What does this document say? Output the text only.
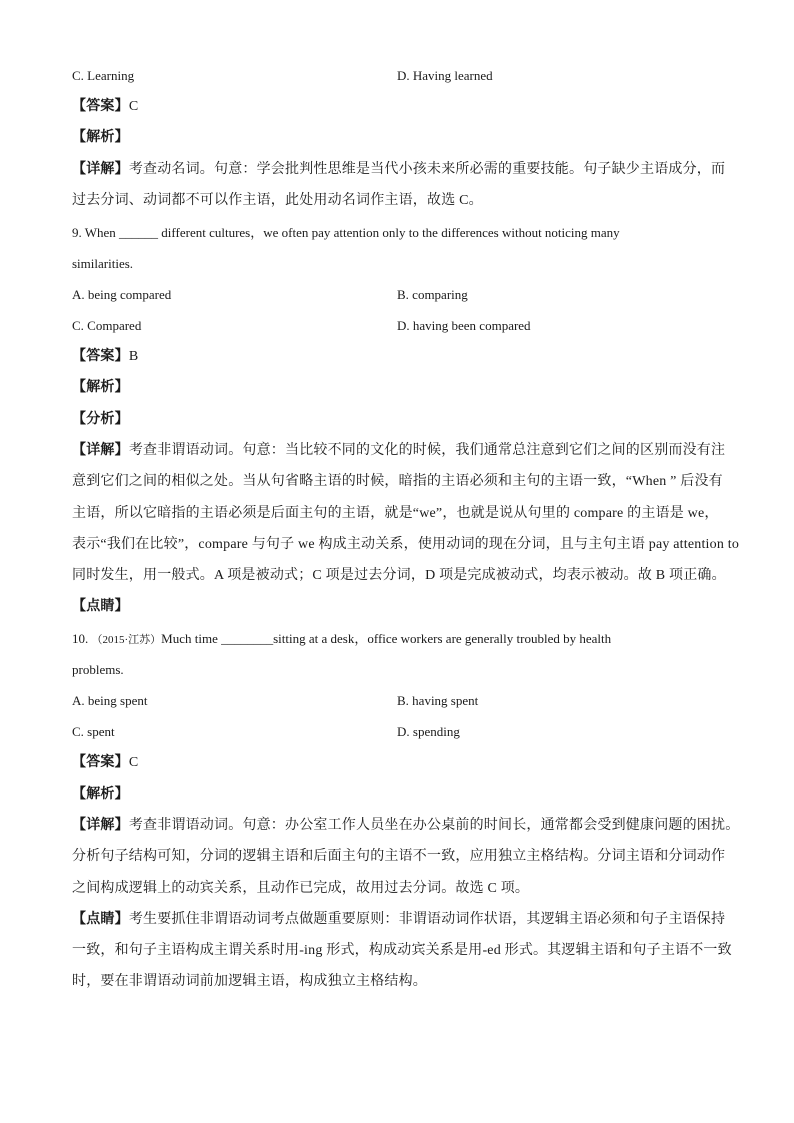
C. Learning	D. Having learned
【答案】C
【解析】
【详解】考查动名词。句意：学会批判性思维是当代小孩未来所必需的重要技能。句子缺少主语成分，而
过去分词、动词都不可以作主语，此处用动名词作主语，故选 C。
9. When ______ different cultures，we often pay attention only to the differences without noticing many
similarities.
A. being compared	B. comparing
C. Compared	D. having been compared
【答案】B
【解析】
【分析】
【详解】考查非谓语动词。句意：当比较不同的文化的时候，我们通常总注意到它们之间的区别而没有注
意到它们之间的相似之处。当从句省略主语的时候，暗指的主语必须和主句的主语一致，“When ” 后没有
主语，所以它暗指的主语必须是后面主句的主语，就是“we”，也就是说从句里的 compare 的主语是 we，
表示“我们在比较”，compare 与句子 we 构成主动关系，使用动词的现在分词，且与主句主语 pay attention to
同时发生，用一般式。A 项是被动式；C 项是过去分词，D 项是完成被动式，均表示被动。故 B 项正确。
【点睛】
10. （2015·江苏）Much time ________sitting at a desk，office workers are generally troubled by health
problems.
A. being spent	B. having spent
C. spent	D. spending
【答案】C
【解析】
【详解】考查非谓语动词。句意：办公室工作人员坐在办公桌前的时间长，通常都会受到健康问题的困扰。
分析句子结构可知，分词的逻辑主语和后面主句的主语不一致，应用独立主格结构。分词主语和分词动作
之间构成逻辑上的动宾关系，且动作已完成，故用过去分词。故选 C 项。
【点睛】考生要抓住非谓语动词考点做题重要原则：非谓语动词作状语，其逻辑主语必须和句子主语保持
一致，和句子主语构成主谓关系时用-ing 形式，构成动宾关系是用-ed 形式。其逻辑主语和句子主语不一致
时，要在非谓语动词前加逻辑主语，构成独立主格结构。
